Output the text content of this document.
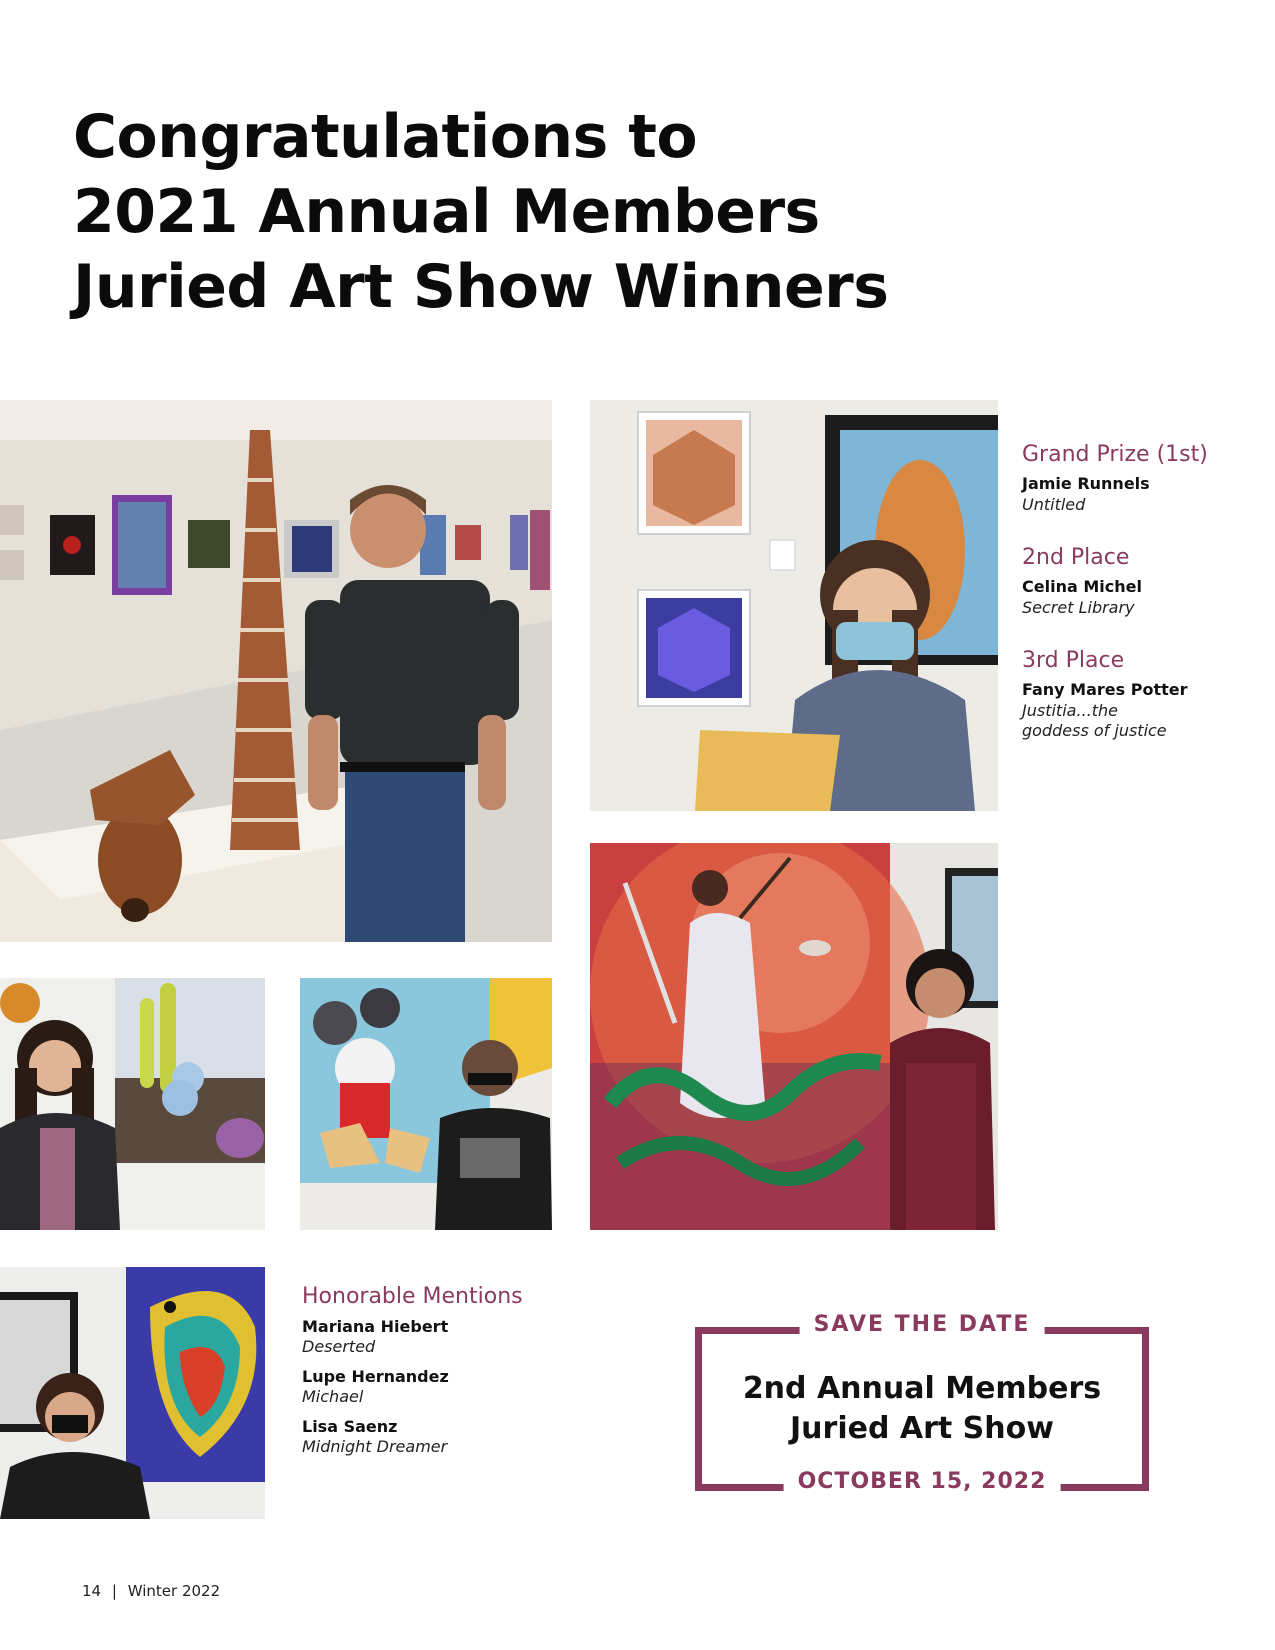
Congratulations to
2021 Annual Members
Juried Art Show Winners
Grand Prize (1st)
Jamie Runnels
Untitled
2nd Place
Celina Michel
Secret Library
3rd Place
Fany Mares Potter
Justitia...the
goddess of justice
Honorable Mentions
Mariana Hiebert
Deserted
Lupe Hernandez
Michael
Lisa Saenz
Midnight Dreamer
SAVE THE DATE
2nd Annual Members
Juried Art Show
OCTOBER 15, 2022
14 | Winter 2022
